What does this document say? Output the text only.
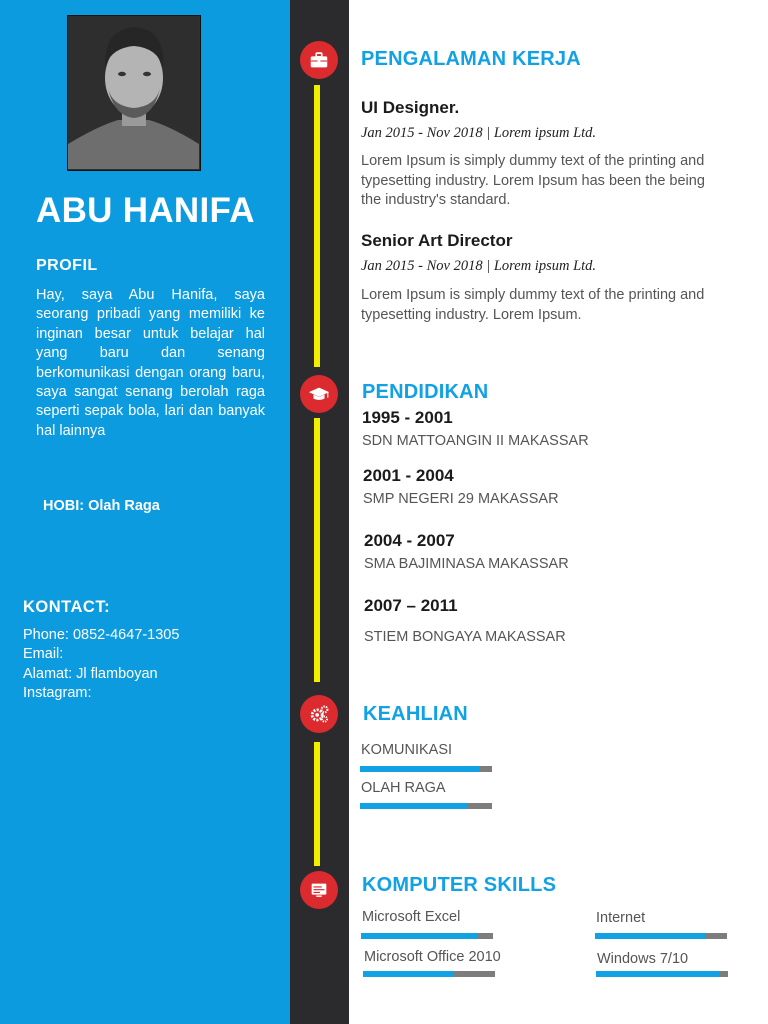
ABU HANIFA
PROFIL
Hay, saya Abu Hanifa, saya seorang pribadi yang memiliki ke inginan besar untuk belajar hal yang baru dan senang berkomunikasi dengan orang baru, saya sangat senang berolah raga seperti sepak bola, lari dan banyak hal lainnya
HOBI: Olah Raga
KONTACT:
Phone: 0852-4647-1305
Email:
Alamat: Jl flamboyan
Instagram:
PENGALAMAN KERJA
UI Designer.
Jan 2015 - Nov 2018 | Lorem ipsum Ltd.
Lorem Ipsum is simply dummy text of the printing and typesetting industry. Lorem Ipsum has been the being the industry's standard.
Senior Art Director
Jan 2015 - Nov 2018 | Lorem ipsum Ltd.
Lorem Ipsum is simply dummy text of the printing and typesetting industry. Lorem Ipsum.
PENDIDIKAN
1995 - 2001
SDN MATTOANGIN II MAKASSAR
2001 - 2004
SMP NEGERI 29 MAKASSAR
2004 - 2007
SMA BAJIMINASA MAKASSAR
2007 – 2011
STIEM BONGAYA MAKASSAR
KEAHLIAN
KOMUNIKASI
OLAH RAGA
KOMPUTER SKILLS
Microsoft Excel	Internet
Microsoft Office 2010	Windows 7/10
